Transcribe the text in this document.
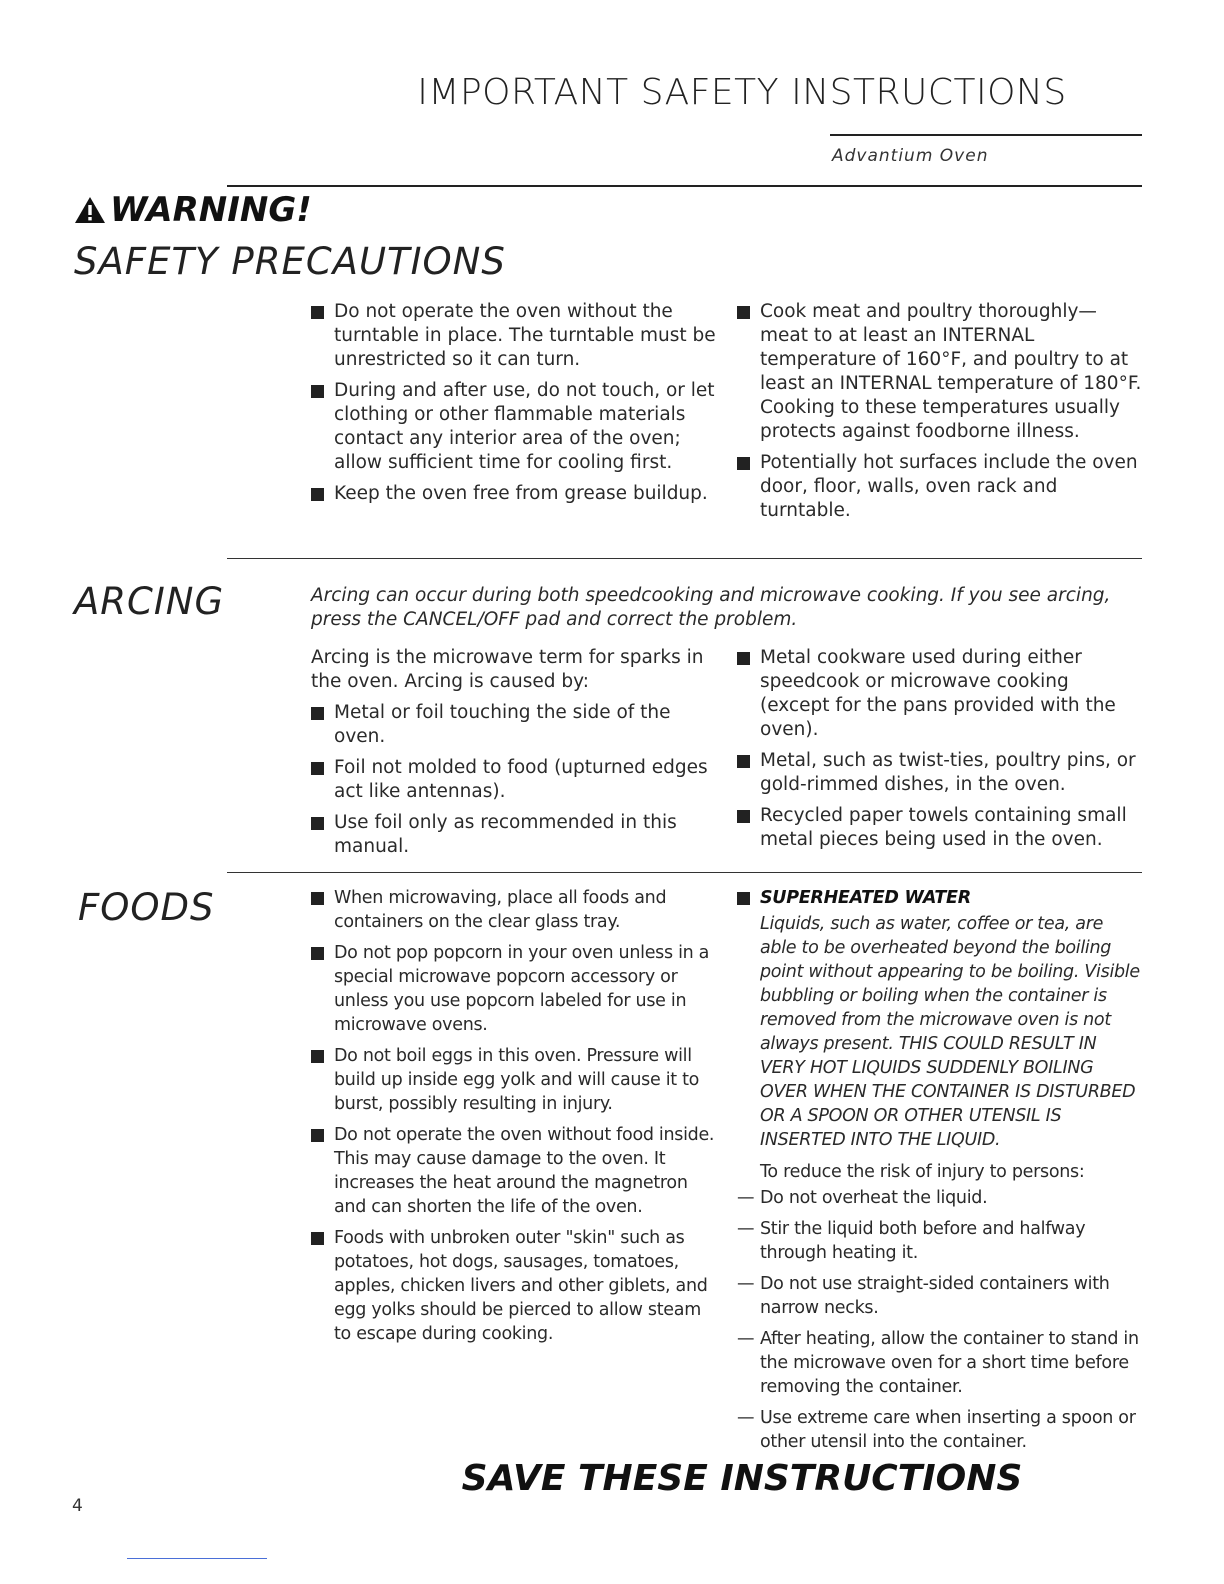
IMPORTANT SAFETY INSTRUCTIONS
Advantium Oven
WARNING!
SAFETY PRECAUTIONS
Do not operate the oven without the turntable in place. The turntable must be unrestricted so it can turn.
During and after use, do not touch, or let clothing or other flammable materials contact any interior area of the oven; allow sufficient time for cooling first.
Keep the oven free from grease buildup.
Cook meat and poultry thoroughly—meat to at least an INTERNAL temperature of 160°F, and poultry to at least an INTERNAL temperature of 180°F. Cooking to these temperatures usually protects against foodborne illness.
Potentially hot surfaces include the oven door, floor, walls, oven rack and turntable.
ARCING	Arcing can occur during both speedcooking and microwave cooking. If you see arcing, press the CANCEL/OFF pad and correct the problem.
Arcing is the microwave term for sparks in the oven. Arcing is caused by:
Metal or foil touching the side of the oven.
Foil not molded to food (upturned edges act like antennas).
Use foil only as recommended in this manual.
Metal cookware used during either speedcook or microwave cooking (except for the pans provided with the oven).
Metal, such as twist-ties, poultry pins, or gold-rimmed dishes, in the oven.
Recycled paper towels containing small metal pieces being used in the oven.
FOODS	When microwaving, place all foods and containers on the clear glass tray.
Do not pop popcorn in your oven unless in a special microwave popcorn accessory or unless you use popcorn labeled for use in microwave ovens.
Do not boil eggs in this oven. Pressure will build up inside egg yolk and will cause it to burst, possibly resulting in injury.
Do not operate the oven without food inside. This may cause damage to the oven. It increases the heat around the magnetron and can shorten the life of the oven.
Foods with unbroken outer "skin" such as potatoes, hot dogs, sausages, tomatoes, apples, chicken livers and other giblets, and egg yolks should be pierced to allow steam to escape during cooking.
SUPERHEATED WATER
Liquids, such as water, coffee or tea, are able to be overheated beyond the boiling point without appearing to be boiling. Visible bubbling or boiling when the container is removed from the microwave oven is not always present. THIS COULD RESULT IN VERY HOT LIQUIDS SUDDENLY BOILING OVER WHEN THE CONTAINER IS DISTURBED OR A SPOON OR OTHER UTENSIL IS INSERTED INTO THE LIQUID.
To reduce the risk of injury to persons:
— Do not overheat the liquid.
— Stir the liquid both before and halfway through heating it.
— Do not use straight-sided containers with narrow necks.
— After heating, allow the container to stand in the microwave oven for a short time before removing the container.
— Use extreme care when inserting a spoon or other utensil into the container.
SAVE THESE INSTRUCTIONS
4
